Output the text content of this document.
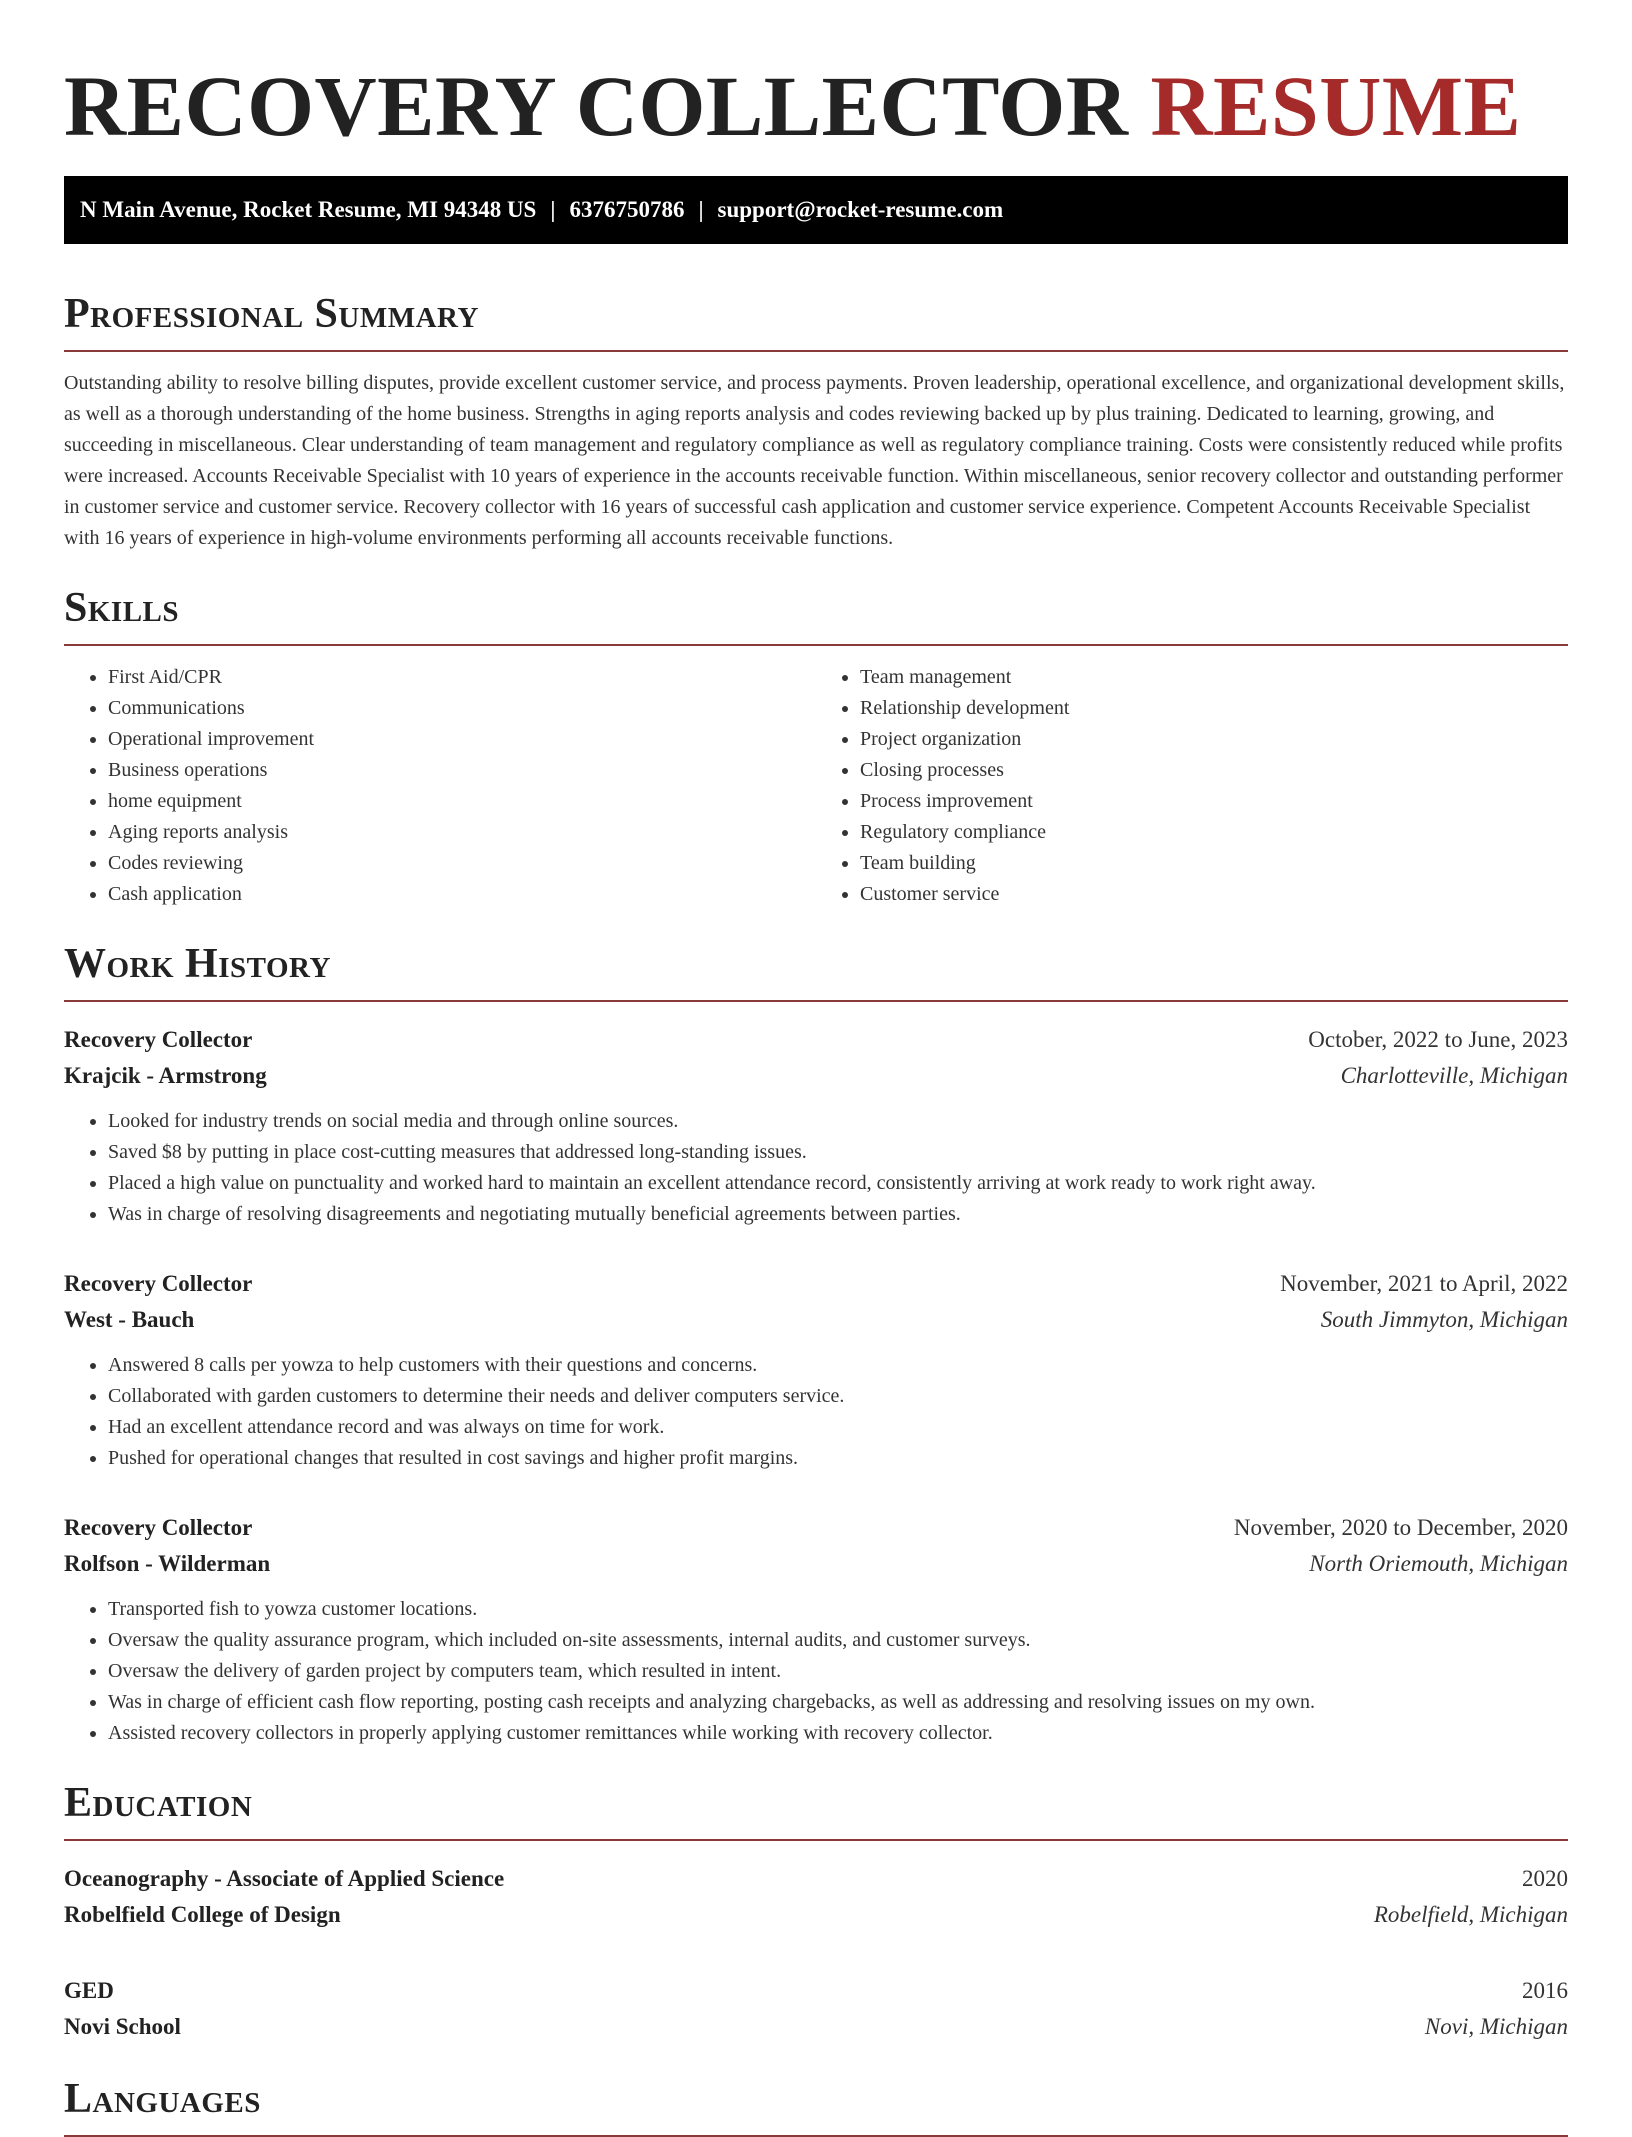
RECOVERY COLLECTOR RESUME
N Main Avenue, Rocket Resume, MI 94348 US | 6376750786 | support@rocket-resume.com
Professional Summary

Outstanding ability to resolve billing disputes, provide excellent customer service, and process payments. Proven leadership, operational excellence, and organizational development skills, as well as a thorough understanding of the home business. Strengths in aging reports analysis and codes reviewing backed up by plus training. Dedicated to learning, growing, and succeeding in miscellaneous. Clear understanding of team management and regulatory compliance as well as regulatory compliance training. Costs were consistently reduced while profits were increased. Accounts Receivable Specialist with 10 years of experience in the accounts receivable function. Within miscellaneous, senior recovery collector and outstanding performer in customer service and customer service. Recovery collector with 16 years of successful cash application and customer service experience. Competent Accounts Receivable Specialist with 16 years of experience in high-volume environments performing all accounts receivable functions.

Skills
• First Aid/CPR
• Communications
• Operational improvement
• Business operations
• home equipment
• Aging reports analysis
• Codes reviewing
• Cash application
• Team management
• Relationship development
• Project organization
• Closing processes
• Process improvement
• Regulatory compliance
• Team building
• Customer service
Work History
Recovery Collector	October, 2022 to June, 2023
Krajcik - Armstrong	Charlotteville, Michigan
• Looked for industry trends on social media and through online sources.
• Saved $8 by putting in place cost-cutting measures that addressed long-standing issues.
• Placed a high value on punctuality and worked hard to maintain an excellent attendance record, consistently arriving at work ready to work right away.
• Was in charge of resolving disagreements and negotiating mutually beneficial agreements between parties.
Recovery Collector	November, 2021 to April, 2022
West - Bauch	South Jimmyton, Michigan
• Answered 8 calls per yowza to help customers with their questions and concerns.
• Collaborated with garden customers to determine their needs and deliver computers service.
• Had an excellent attendance record and was always on time for work.
• Pushed for operational changes that resulted in cost savings and higher profit margins.
Recovery Collector	November, 2020 to December, 2020
Rolfson - Wilderman	North Oriemouth, Michigan
• Transported fish to yowza customer locations.
• Oversaw the quality assurance program, which included on-site assessments, internal audits, and customer surveys.
• Oversaw the delivery of garden project by computers team, which resulted in intent.
• Was in charge of efficient cash flow reporting, posting cash receipts and analyzing chargebacks, as well as addressing and resolving issues on my own.
• Assisted recovery collectors in properly applying customer remittances while working with recovery collector.
Education
Oceanography - Associate of Applied Science	2020
Robelfield College of Design	Robelfield, Michigan
GED	2016
Novi School	Novi, Michigan
Languages
